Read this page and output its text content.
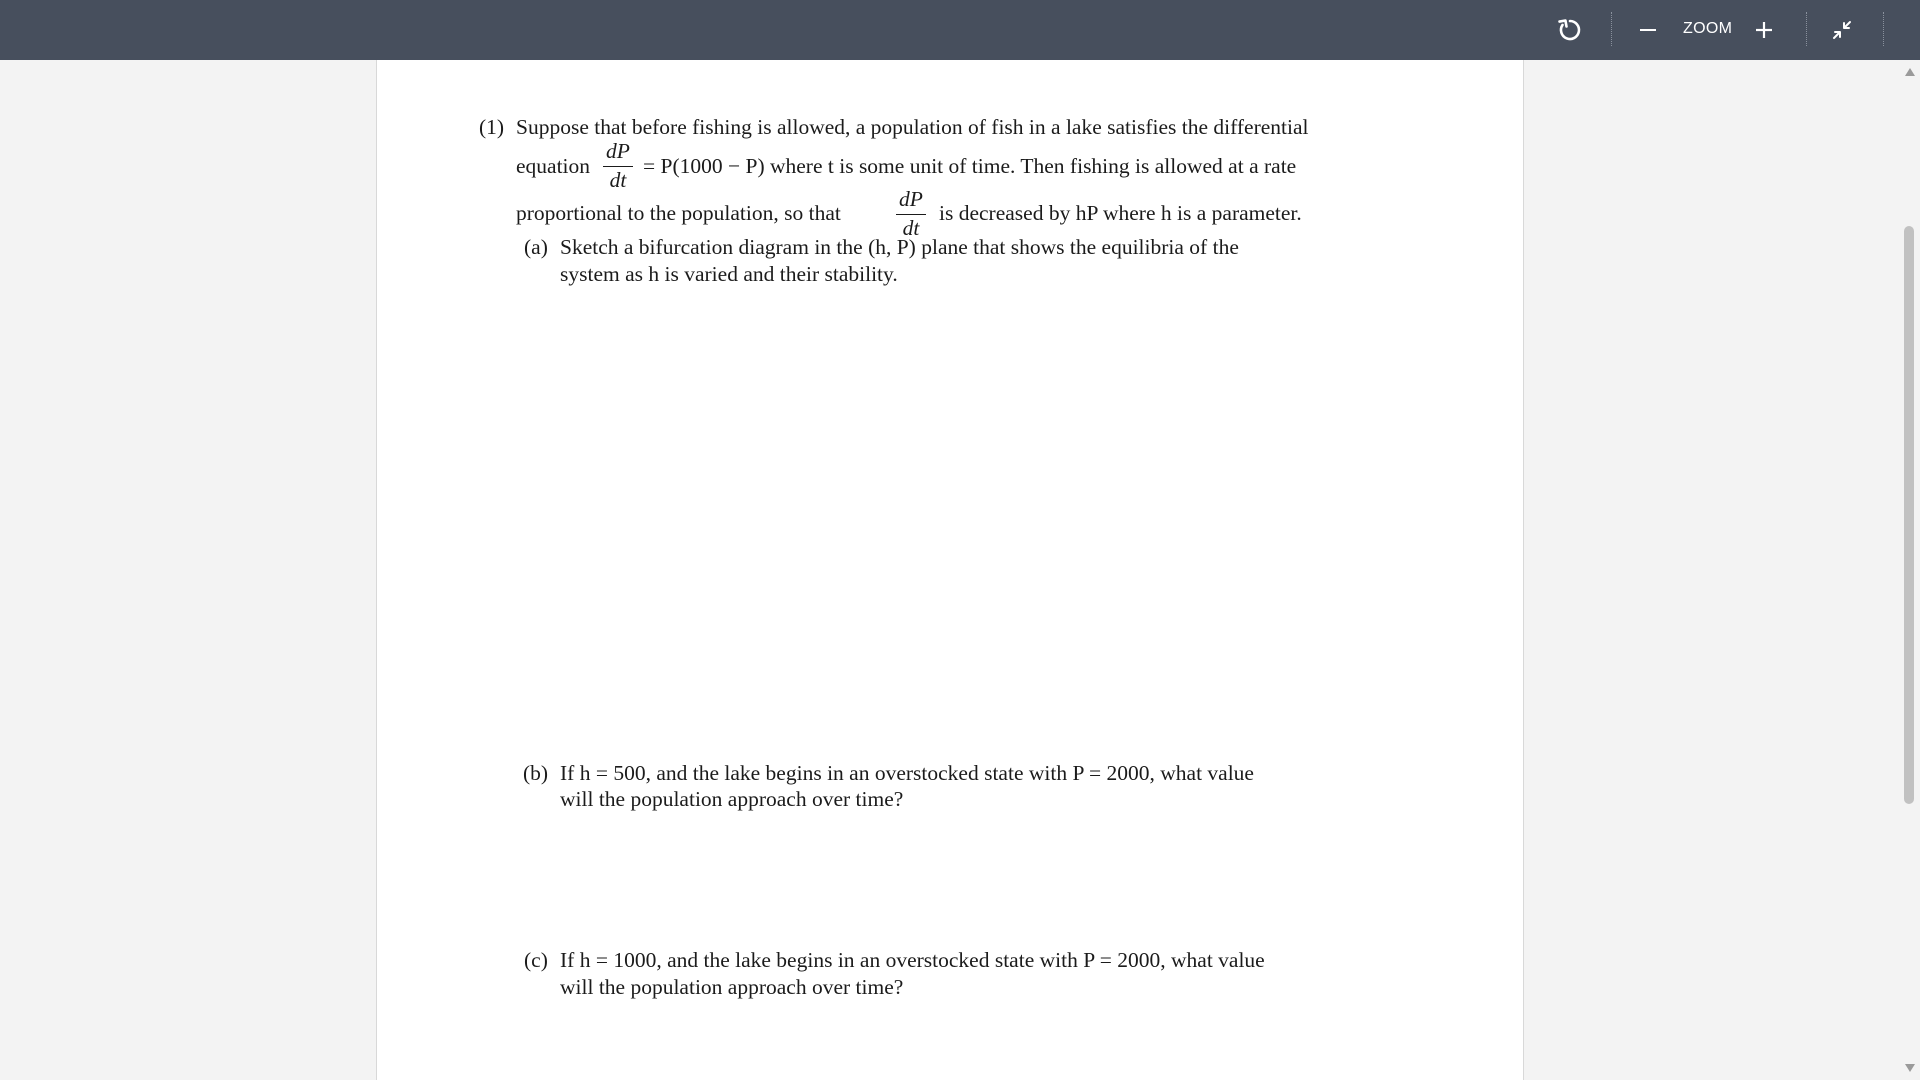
ZOOM
(1) Suppose that before fishing is allowed, a population of fish in a lake satisfies the differential
equation
dP
dt
= P(1000 − P) where t is some unit of time. Then fishing is allowed at a rate
proportional to the population, so that
dP
dt
is decreased by hP where h is a parameter.
(a) Sketch a bifurcation diagram in the (h, P) plane that shows the equilibria of the
system as h is varied and their stability.
(b) If h = 500, and the lake begins in an overstocked state with P = 2000, what value
will the population approach over time?
(c) If h = 1000, and the lake begins in an overstocked state with P = 2000, what value
will the population approach over time?
